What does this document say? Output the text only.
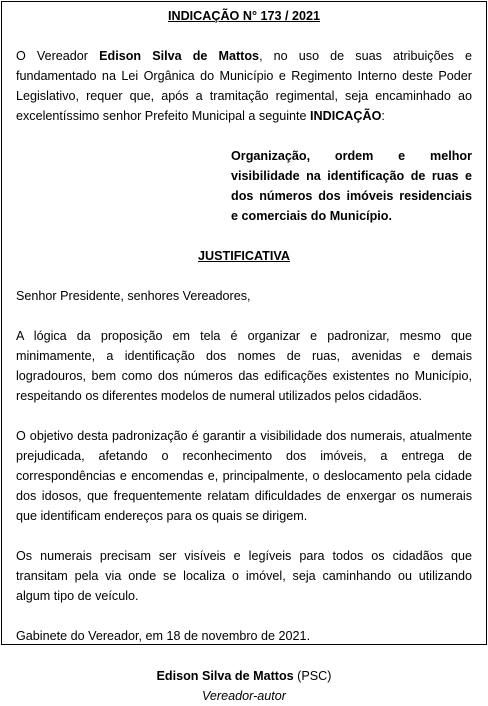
INDICAÇÃO N° 173 / 2021

O Vereador Edison Silva de Mattos, no uso de suas atribuições e fundamentado na Lei Orgânica do Município e Regimento Interno deste Poder Legislativo, requer que, após a tramitação regimental, seja encaminhado ao excelentíssimo senhor Prefeito Municipal a seguinte INDICAÇÃO:

Organização, ordem e melhor visibilidade na identificação de ruas e dos números dos imóveis residenciais e comerciais do Município.

JUSTIFICATIVA

Senhor Presidente, senhores Vereadores,

A lógica da proposição em tela é organizar e padronizar, mesmo que minimamente, a identificação dos nomes de ruas, avenidas e demais logradouros, bem como dos números das edificações existentes no Município, respeitando os diferentes modelos de numeral utilizados pelos cidadãos.

O objetivo desta padronização é garantir a visibilidade dos numerais, atualmente prejudicada, afetando o reconhecimento dos imóveis, a entrega de correspondências e encomendas e, principalmente, o deslocamento pela cidade dos idosos, que frequentemente relatam dificuldades de enxergar os numerais que identificam endereços para os quais se dirigem.

Os numerais precisam ser visíveis e legíveis para todos os cidadãos que transitam pela via onde se localiza o imóvel, seja caminhando ou utilizando algum tipo de veículo.

Gabinete do Vereador, em 18 de novembro de 2021.

Edison Silva de Mattos (PSC)
Vereador-autor
